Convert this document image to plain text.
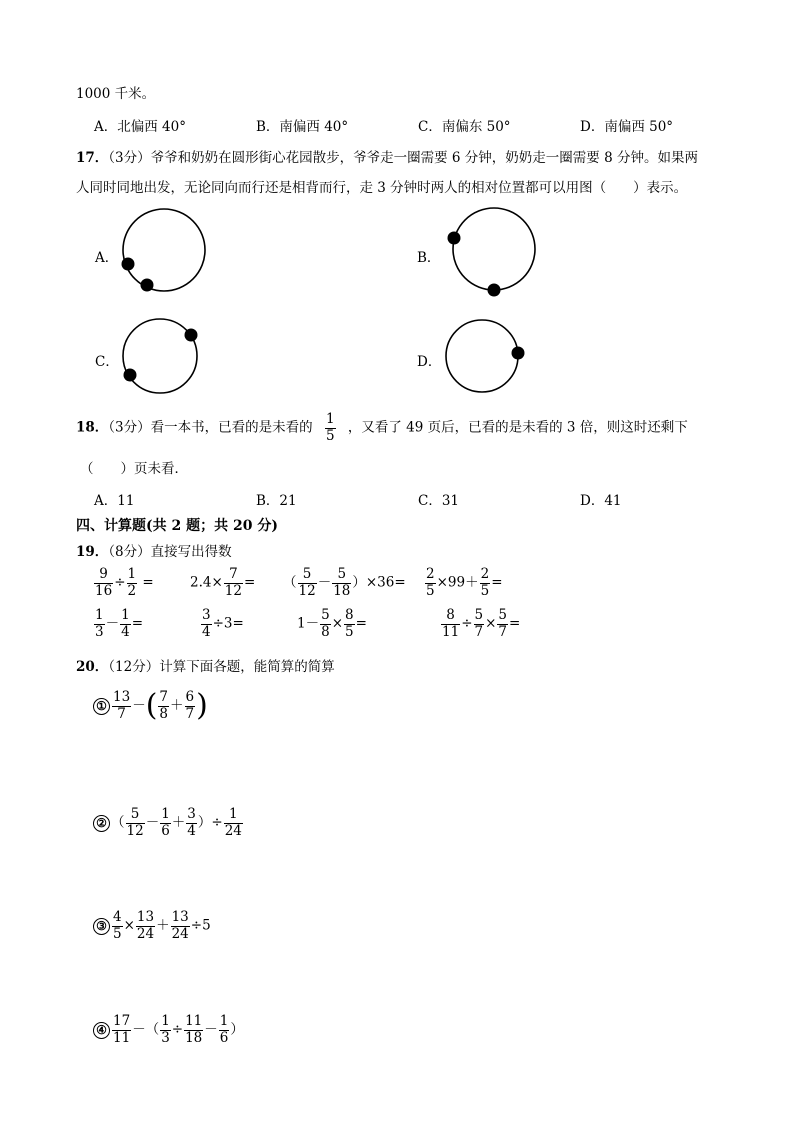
1000 千米。
A．北偏西 40°	B．南偏西 40°	C．南偏东 50°	D．南偏西 50°
17．（3分）爷爷和奶奶在圆形街心花园散步，爷爷走一圈需要 6 分钟，奶奶走一圈需要 8 分钟。如果两
人同时同地出发，无论同向而行还是相背而行，走 3 分钟时两人的相对位置都可以用图（　　）表示。
A．	B．
C．	D．
18．（3分）看一本书，已看的是未看的 $\frac{1}{5}$ ，又看了 49 页后，已看的是未看的 3 倍，则这时还剩下
（　　）页未看．
A．11	B．21	C．31	D．41
四、计算题(共 2 题；共 20 分)
19．（8分）直接写出得数
$\frac{9}{16} \div \frac{1}{2}$ =	$2.4\times \frac{7}{12}$ = （ $\frac{5}{12} - \frac{5}{18} )\times 36= \frac{2}{5} \times 99+ \frac{2}{5}$ =
$\frac{1}{3} - \frac{1}{4}$ =	$\frac{3}{4} \div 3=$	$1- \frac{5}{8} \times \frac{8}{5}$ =	$\frac{8}{11} \div \frac{5}{7} \times \frac{5}{7}$ =
20．（12分）计算下面各题，能简算的简算
① $\frac{13}{7}$ －( $\frac{7}{8} + \frac{6}{7}$ )
② （ $\frac{5}{12} - \frac{1}{6} + \frac{3}{4}$ ）÷ $\frac{1}{24}$
③ $\frac{4}{5} \times \frac{13}{24} + \frac{13}{24} \div 5$
④ $\frac{17}{11}$ －（ $\frac{1}{3} \div \frac{11}{18} - \frac{1}{6}$ ）
